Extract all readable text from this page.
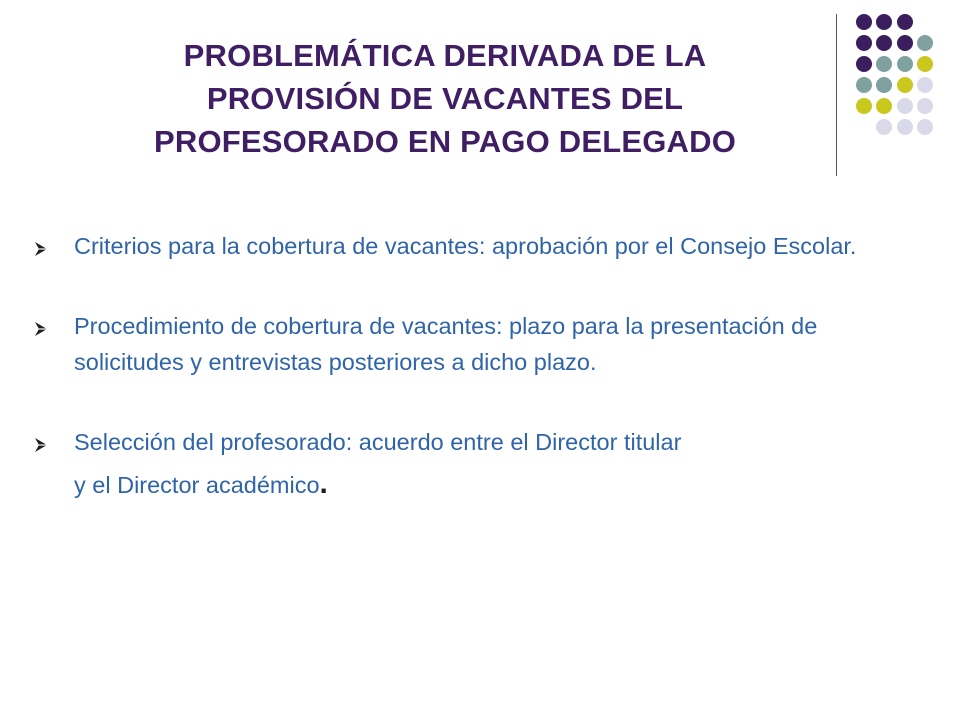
PROBLEMÁTICA DERIVADA DE LA
PROVISIÓN DE VACANTES DEL
PROFESORADO EN PAGO DELEGADO
Criterios para la cobertura de vacantes: aprobación por el Consejo Escolar.
Procedimiento de cobertura de vacantes: plazo para la presentación de solicitudes y entrevistas posteriores a dicho plazo.
Selección del profesorado: acuerdo entre el Director titular
y el Director académico.
